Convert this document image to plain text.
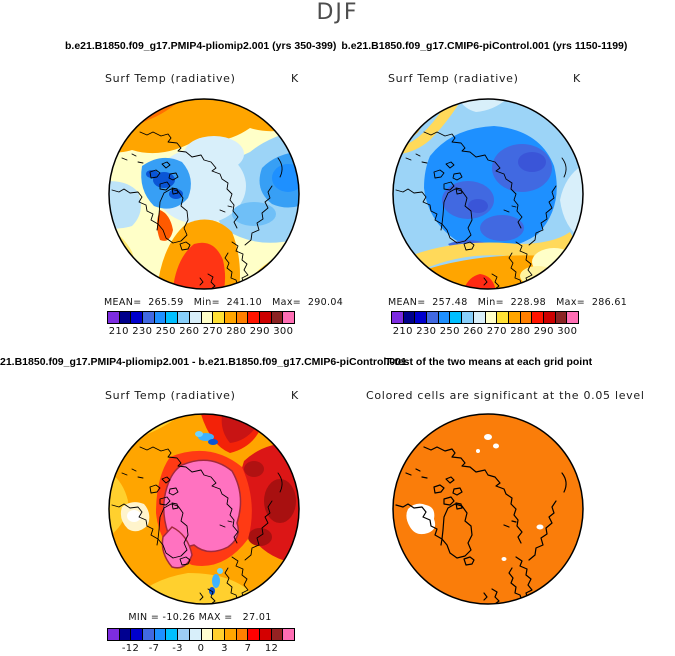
DJF
b.e21.B1850.f09_g17.PMIP4-pliomip2.001 (yrs 350-399) b.e21.B1850.f09_g17.CMIP6-piControl.001 (yrs 1150-1199)
Surf Temp (radiative)	K
MEAN=  265.59   Min=  241.10   Max=  290.04
210 230 250 260 270 280 290 300
Surf Temp (radiative)	K
MEAN=  257.48   Min=  228.98   Max=  286.61
210 230 250 260 270 280 290 300
21.B1850.f09_g17.PMIP4-pliomip2.001 - b.e21.B1850.f09_g17.CMIP6-piControl.001
T-test of the two means at each grid point
Surf Temp (radiative)	K
MIN = -10.26 MAX =   27.01
-12 -7 -3 0 3 7 12
Colored cells are significant at the 0.05 level
